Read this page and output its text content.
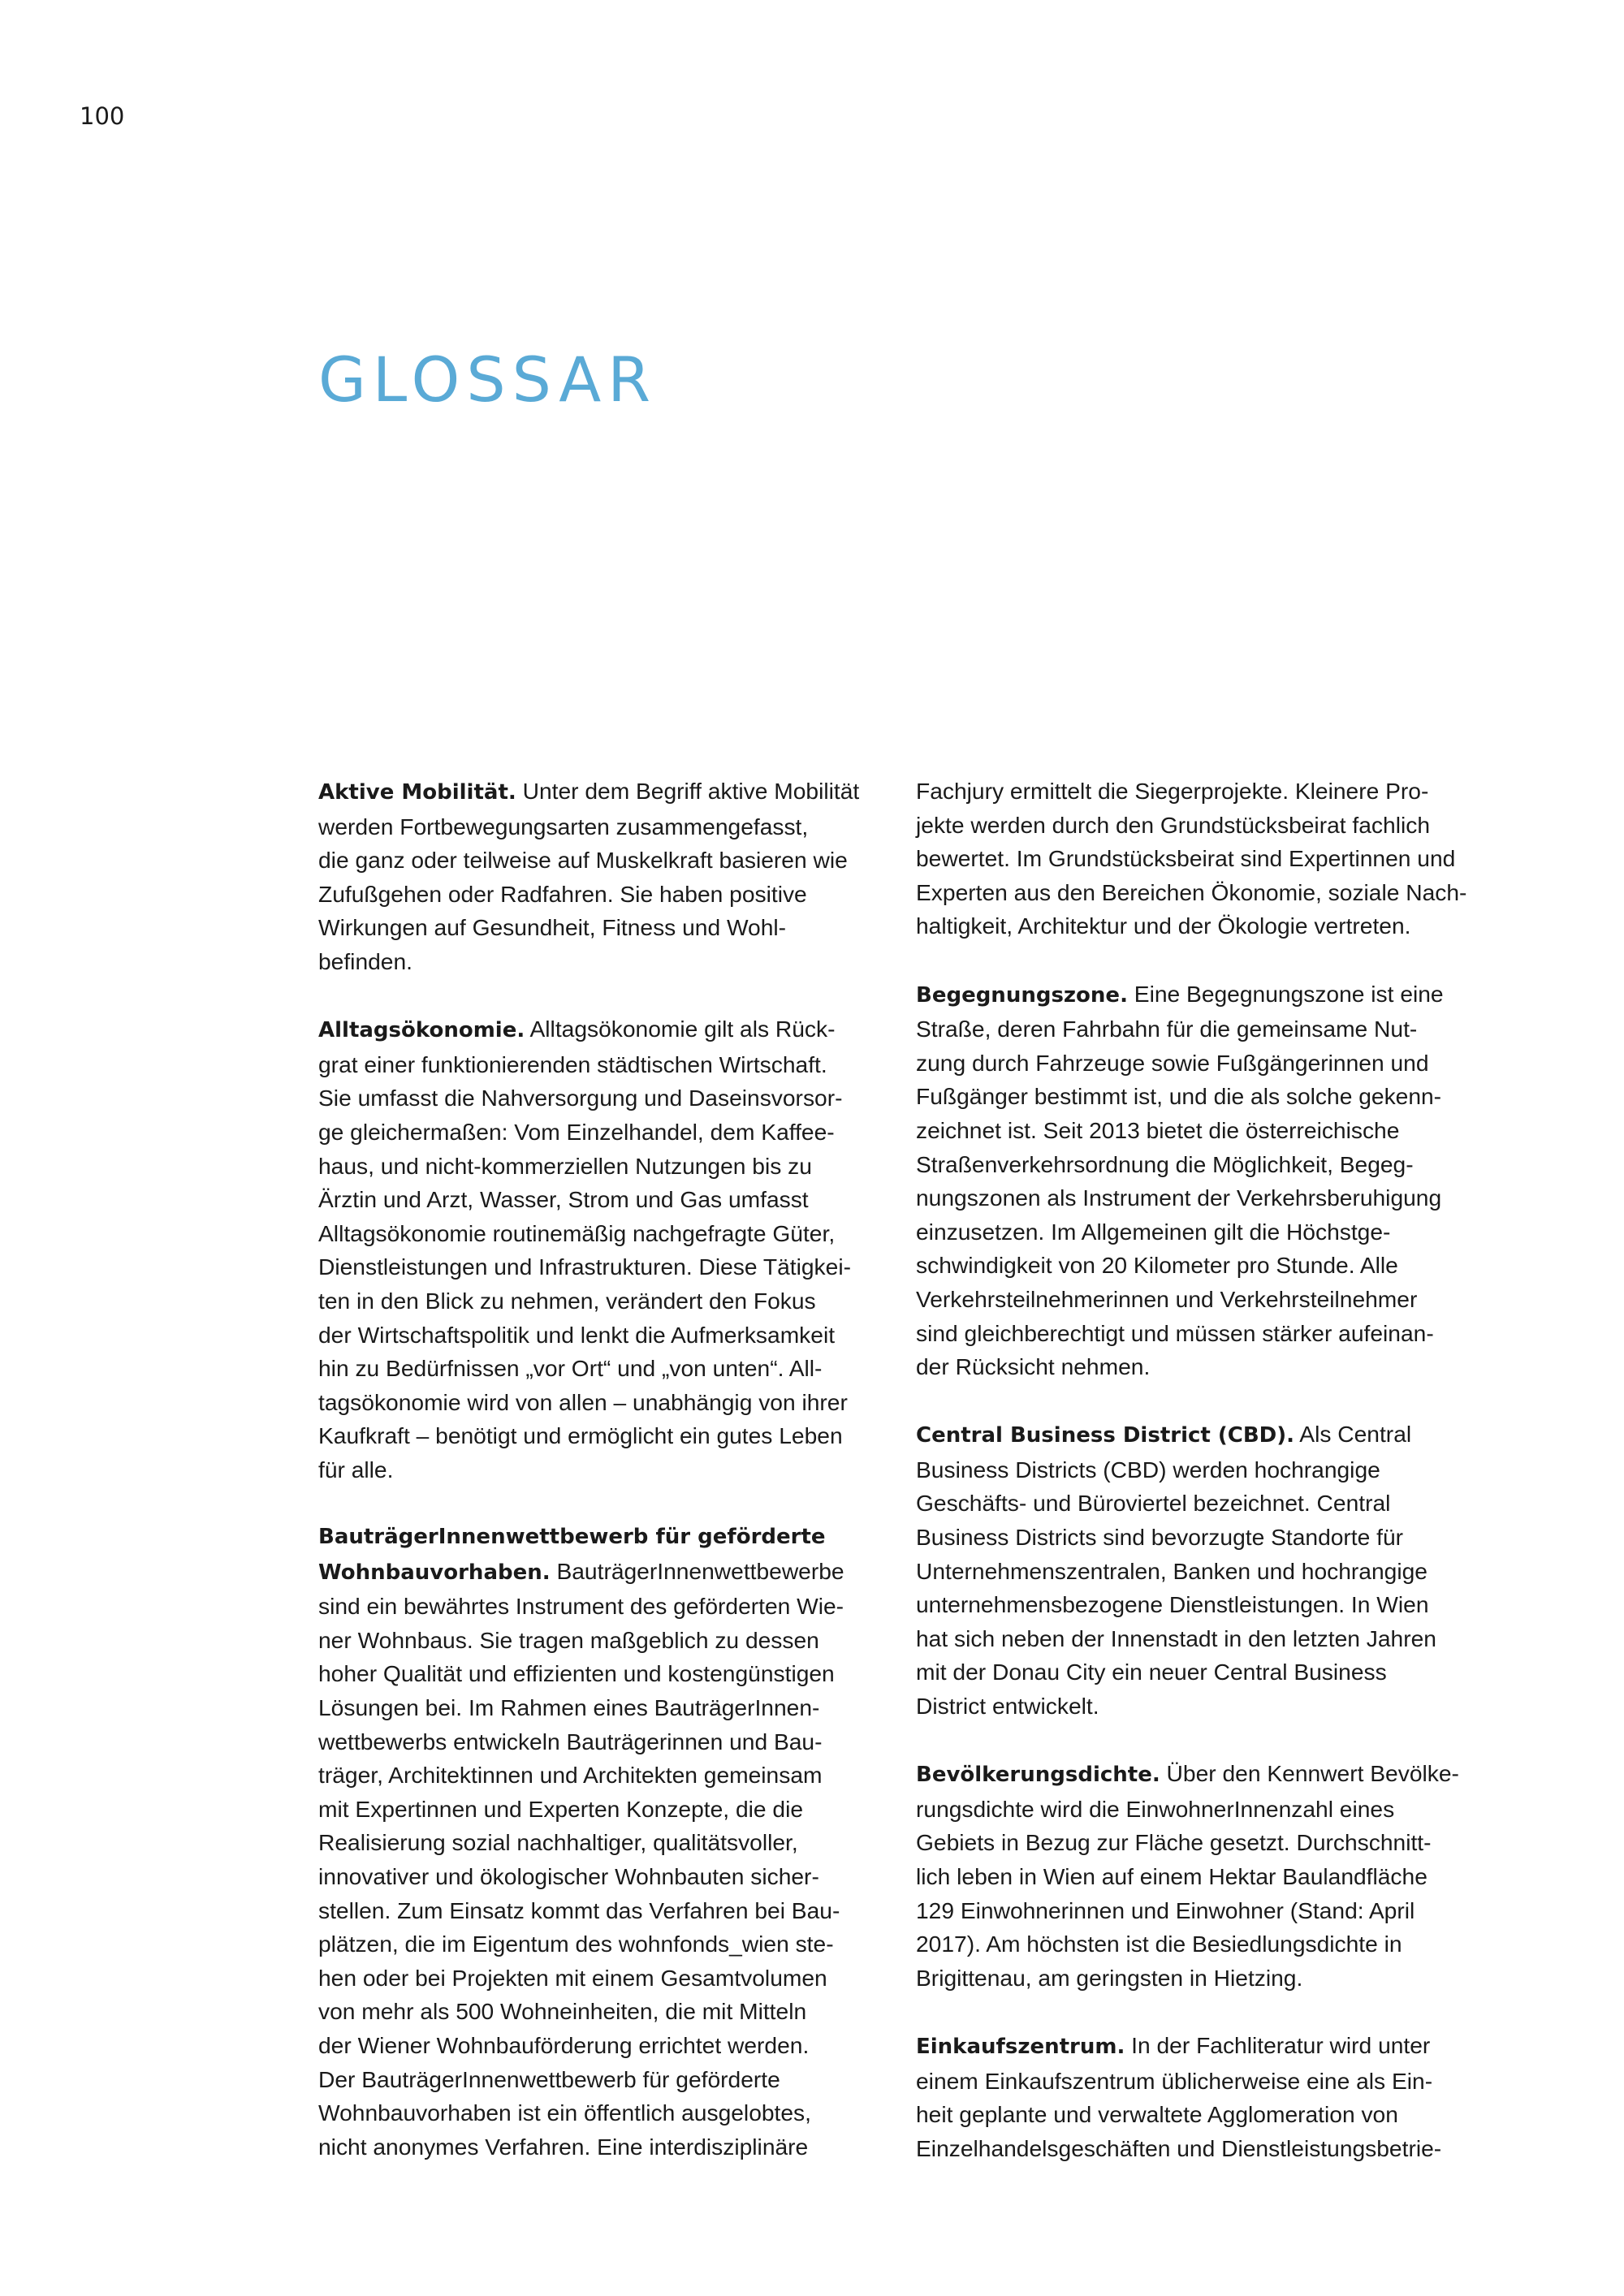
100
GLOSSAR

Aktive Mobilität. Unter dem Begriff aktive Mobilität
werden Fortbewegungsarten zusammengefasst,
die ganz oder teilweise auf Muskelkraft basieren wie
Zufußgehen oder Radfahren. Sie haben positive
Wirkungen auf Gesundheit, Fitness und Wohl-
befinden.

Alltagsökonomie. Alltagsökonomie gilt als Rück-
grat einer funktionierenden städtischen Wirtschaft.
Sie umfasst die Nahversorgung und Daseinsvorsor-
ge gleichermaßen: Vom Einzelhandel, dem Kaffee-
haus, und nicht-kommerziellen Nutzungen bis zu
Ärztin und Arzt, Wasser, Strom und Gas umfasst
Alltagsökonomie routinemäßig nachgefragte Güter,
Dienstleistungen und Infrastrukturen. Diese Tätigkei-
ten in den Blick zu nehmen, verändert den Fokus
der Wirtschaftspolitik und lenkt die Aufmerksamkeit
hin zu Bedürfnissen „vor Ort“ und „von unten“. All-
tagsökonomie wird von allen – unabhängig von ihrer
Kaufkraft – benötigt und ermöglicht ein gutes Leben
für alle.

BauträgerInnenwettbewerb für geförderte
Wohnbauvorhaben. BauträgerInnenwettbewerbe
sind ein bewährtes Instrument des geförderten Wie-
ner Wohnbaus. Sie tragen maßgeblich zu dessen
hoher Qualität und effizienten und kostengünstigen
Lösungen bei. Im Rahmen eines BauträgerInnen-
wettbewerbs entwickeln Bauträgerinnen und Bau-
träger, Architektinnen und Architekten gemeinsam
mit Expertinnen und Experten Konzepte, die die
Realisierung sozial nachhaltiger, qualitätsvoller,
innovativer und ökologischer Wohnbauten sicher-
stellen. Zum Einsatz kommt das Verfahren bei Bau-
plätzen, die im Eigentum des wohnfonds_wien ste-
hen oder bei Projekten mit einem Gesamtvolumen
von mehr als 500 Wohneinheiten, die mit Mitteln
der Wiener Wohnbauförderung errichtet werden.
Der BauträgerInnenwettbewerb für geförderte
Wohnbauvorhaben ist ein öffentlich ausgelobtes,
nicht anonymes Verfahren. Eine interdisziplinäre

Fachjury ermittelt die Siegerprojekte. Kleinere Pro-
jekte werden durch den Grundstücksbeirat fachlich
bewertet. Im Grundstücksbeirat sind Expertinnen und
Experten aus den Bereichen Ökonomie, soziale Nach-
haltigkeit, Architektur und der Ökologie vertreten.

Begegnungszone. Eine Begegnungszone ist eine
Straße, deren Fahrbahn für die gemeinsame Nut-
zung durch Fahrzeuge sowie Fußgängerinnen und
Fußgänger bestimmt ist, und die als solche gekenn-
zeichnet ist. Seit 2013 bietet die österreichische
Straßenverkehrsordnung die Möglichkeit, Begeg-
nungszonen als Instrument der Verkehrsberuhigung
einzusetzen. Im Allgemeinen gilt die Höchstge-
schwindigkeit von 20 Kilometer pro Stunde. Alle
Verkehrsteilnehmerinnen und Verkehrsteilnehmer
sind gleichberechtigt und müssen stärker aufeinan-
der Rücksicht nehmen.

Central Business District (CBD). Als Central
Business Districts (CBD) werden hochrangige
Geschäfts- und Büroviertel bezeichnet. Central
Business Districts sind bevorzugte Standorte für
Unternehmenszentralen, Banken und hochrangige
unternehmensbezogene Dienstleistungen. In Wien
hat sich neben der Innenstadt in den letzten Jahren
mit der Donau City ein neuer Central Business
District entwickelt.

Bevölkerungsdichte. Über den Kennwert Bevölke-
rungsdichte wird die EinwohnerInnenzahl eines
Gebiets in Bezug zur Fläche gesetzt. Durchschnitt-
lich leben in Wien auf einem Hektar Baulandfläche
129 Einwohnerinnen und Einwohner (Stand: April
2017). Am höchsten ist die Besiedlungsdichte in
Brigittenau, am geringsten in Hietzing.

Einkaufszentrum. In der Fachliteratur wird unter
einem Einkaufszentrum üblicherweise eine als Ein-
heit geplante und verwaltete Agglomeration von
Einzelhandelsgeschäften und Dienstleistungsbetrie-
